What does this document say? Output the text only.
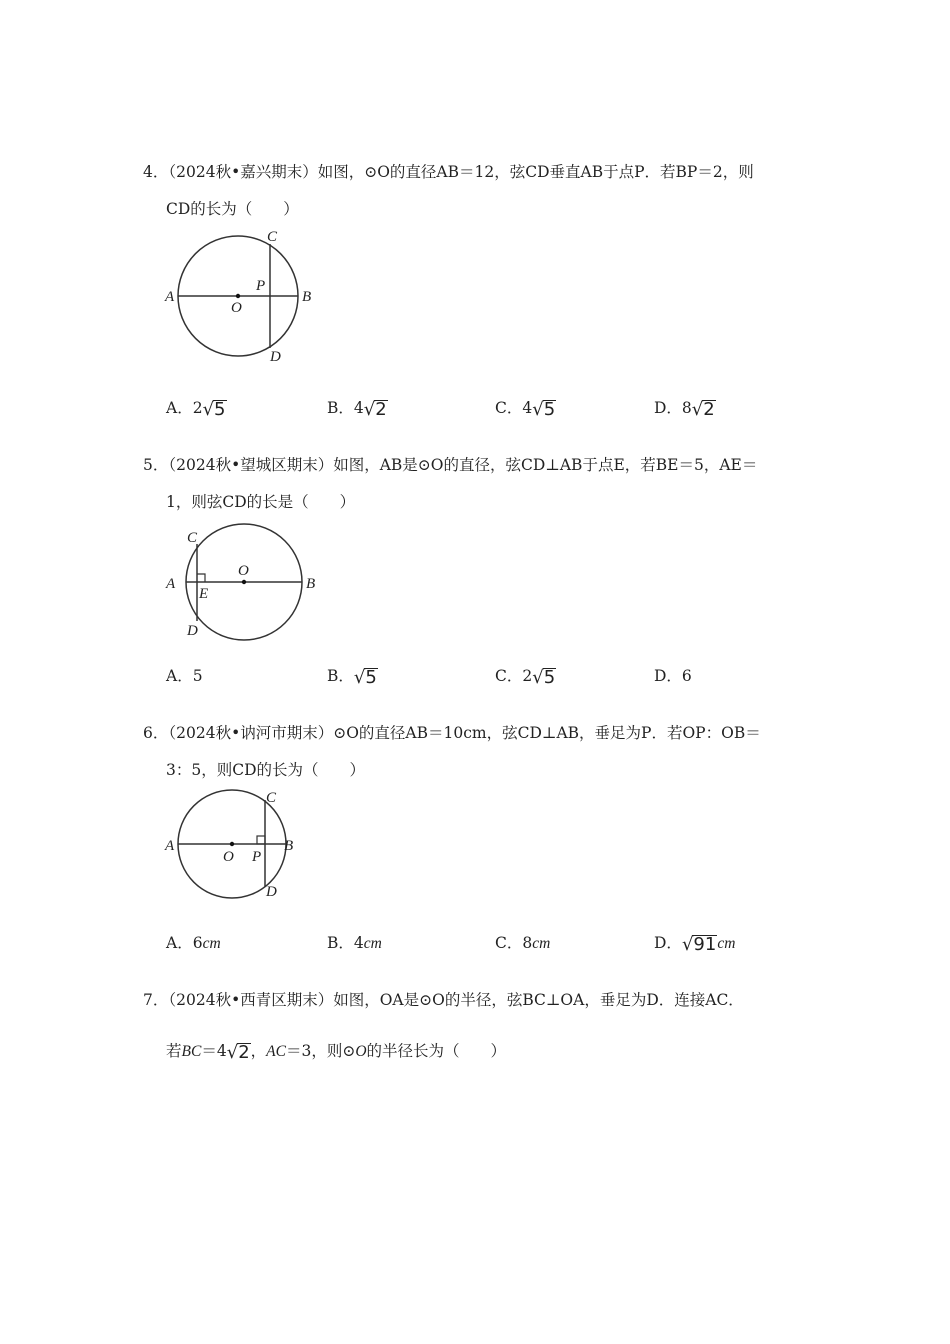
4．（2024秋•嘉兴期末）如图，⊙O的直径AB＝12，弦CD垂直AB于点P．若BP＝2，则
CD的长为（　　）
A	B
C
D
O
P
A．2√5	B．4√2	C．4√5	D．8√2
5．（2024秋•望城区期末）如图，AB是⊙O的直径，弦CD⊥AB于点E，若BE＝5，AE＝
1，则弦CD的长是（　　）
A	B
C
D
O
E
A．5	B．√5	C．2√5	D．6
6．（2024秋•讷河市期末）⊙O的直径AB＝10cm，弦CD⊥AB，垂足为P．若OP：OB＝
3：5，则CD的长为（　　）
A	B
C
D
O P
A．6cm	B．4cm	C．8cm	D．√91cm
7．（2024秋•西青区期末）如图，OA是⊙O的半径，弦BC⊥OA，垂足为D．连接AC．
若BC＝4√2，AC＝3，则⊙O的半径长为（　　）
